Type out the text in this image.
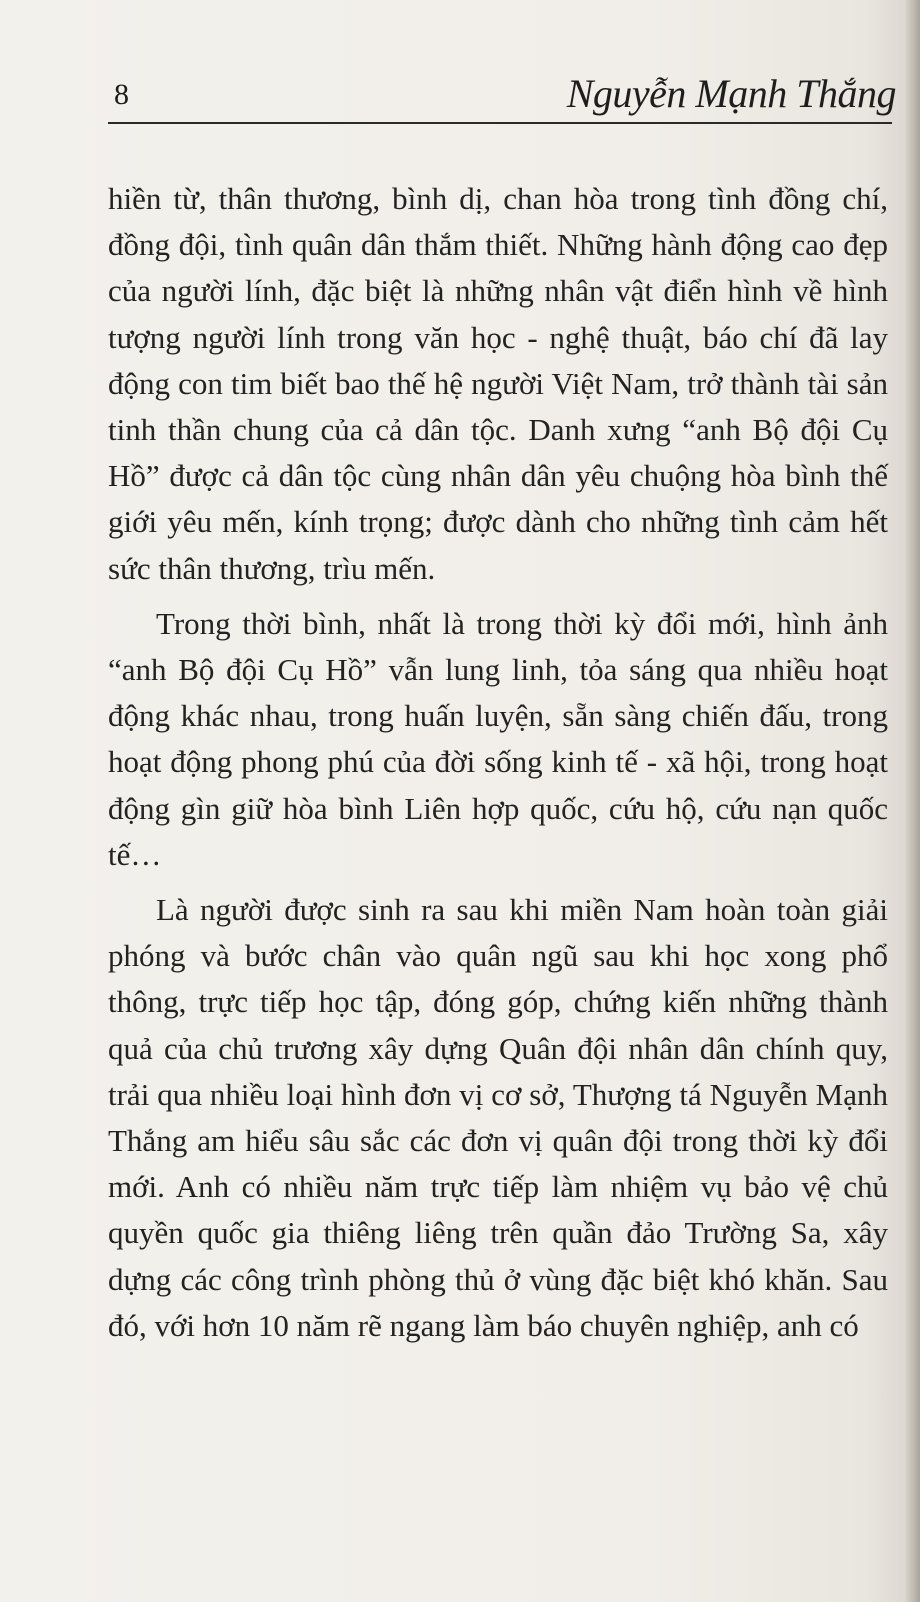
8	Nguyễn Mạnh Thắng

hiền từ, thân thương, bình dị, chan hòa trong tình đồng chí, đồng đội, tình quân dân thắm thiết. Những hành động cao đẹp của người lính, đặc biệt là những nhân vật điển hình về hình tượng người lính trong văn học - nghệ thuật, báo chí đã lay động con tim biết bao thế hệ người Việt Nam, trở thành tài sản tinh thần chung của cả dân tộc. Danh xưng “anh Bộ đội Cụ Hồ” được cả dân tộc cùng nhân dân yêu chuộng hòa bình thế giới yêu mến, kính trọng; được dành cho những tình cảm hết sức thân thương, trìu mến.

Trong thời bình, nhất là trong thời kỳ đổi mới, hình ảnh “anh Bộ đội Cụ Hồ” vẫn lung linh, tỏa sáng qua nhiều hoạt động khác nhau, trong huấn luyện, sẵn sàng chiến đấu, trong hoạt động phong phú của đời sống kinh tế - xã hội, trong hoạt động gìn giữ hòa bình Liên hợp quốc, cứu hộ, cứu nạn quốc tế…

Là người được sinh ra sau khi miền Nam hoàn toàn giải phóng và bước chân vào quân ngũ sau khi học xong phổ thông, trực tiếp học tập, đóng góp, chứng kiến những thành quả của chủ trương xây dựng Quân đội nhân dân chính quy, trải qua nhiều loại hình đơn vị cơ sở, Thượng tá Nguyễn Mạnh Thắng am hiểu sâu sắc các đơn vị quân đội trong thời kỳ đổi mới. Anh có nhiều năm trực tiếp làm nhiệm vụ bảo vệ chủ quyền quốc gia thiêng liêng trên quần đảo Trường Sa, xây dựng các công trình phòng thủ ở vùng đặc biệt khó khăn. Sau đó, với hơn 10 năm rẽ ngang làm báo chuyên nghiệp, anh có
